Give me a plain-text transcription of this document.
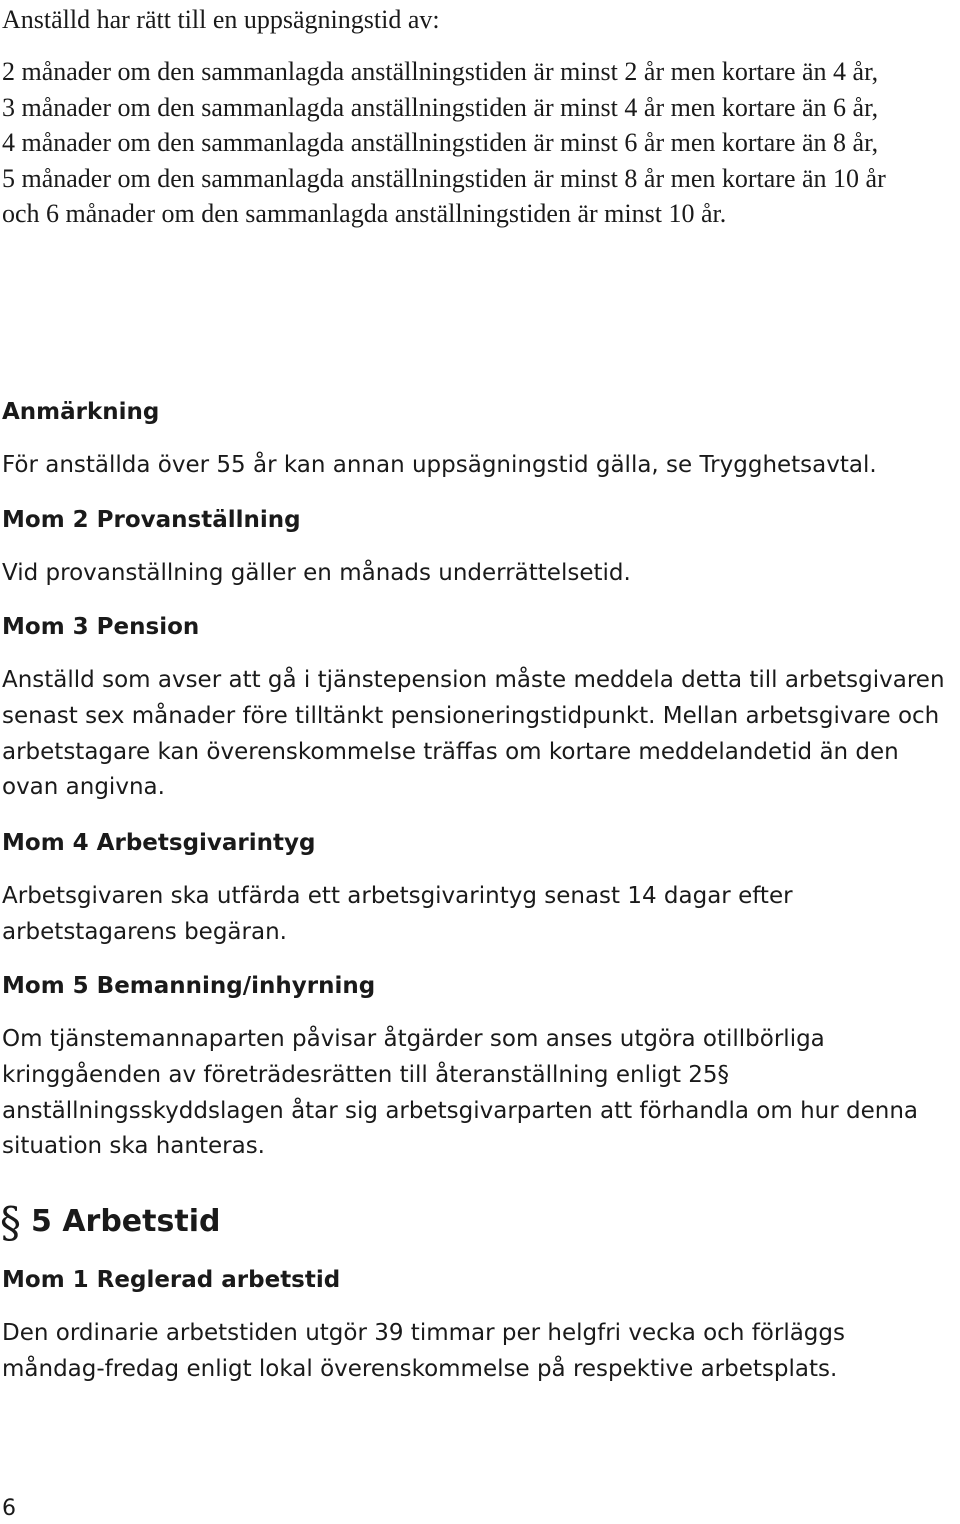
Anställd har rätt till en uppsägningstid av:

2 månader om den sammanlagda anställningstiden är minst 2 år men kortare än 4 år,
3 månader om den sammanlagda anställningstiden är minst 4 år men kortare än 6 år,
4 månader om den sammanlagda anställningstiden är minst 6 år men kortare än 8 år,
5 månader om den sammanlagda anställningstiden är minst 8 år men kortare än 10 år
och 6 månader om den sammanlagda anställningstiden är minst 10 år.

Anmärkning

För anställda över 55 år kan annan uppsägningstid gälla, se Trygghetsavtal.

Mom 2 Provanställning

Vid provanställning gäller en månads underrättelsetid.

Mom 3 Pension

Anställd som avser att gå i tjänstepension måste meddela detta till arbetsgivaren senast sex månader före tilltänkt pensioneringstidpunkt. Mellan arbetsgivare och arbetstagare kan överenskommelse träffas om kortare meddelandetid än den ovan angivna.

Mom 4 Arbetsgivarintyg

Arbetsgivaren ska utfärda ett arbetsgivarintyg senast 14 dagar efter arbetstagarens begäran.

Mom 5 Bemanning/inhyrning

Om tjänstemannaparten påvisar åtgärder som anses utgöra otillbörliga kringgåenden av företrädesrätten till återanställning enligt 25§ anställningsskyddslagen åtar sig arbetsgivarparten att förhandla om hur denna situation ska hanteras.

§ 5 Arbetstid
Mom 1 Reglerad arbetstid

Den ordinarie arbetstiden utgör 39 timmar per helgfri vecka och förläggs måndag-fredag enligt lokal överenskommelse på respektive arbetsplats.

6
